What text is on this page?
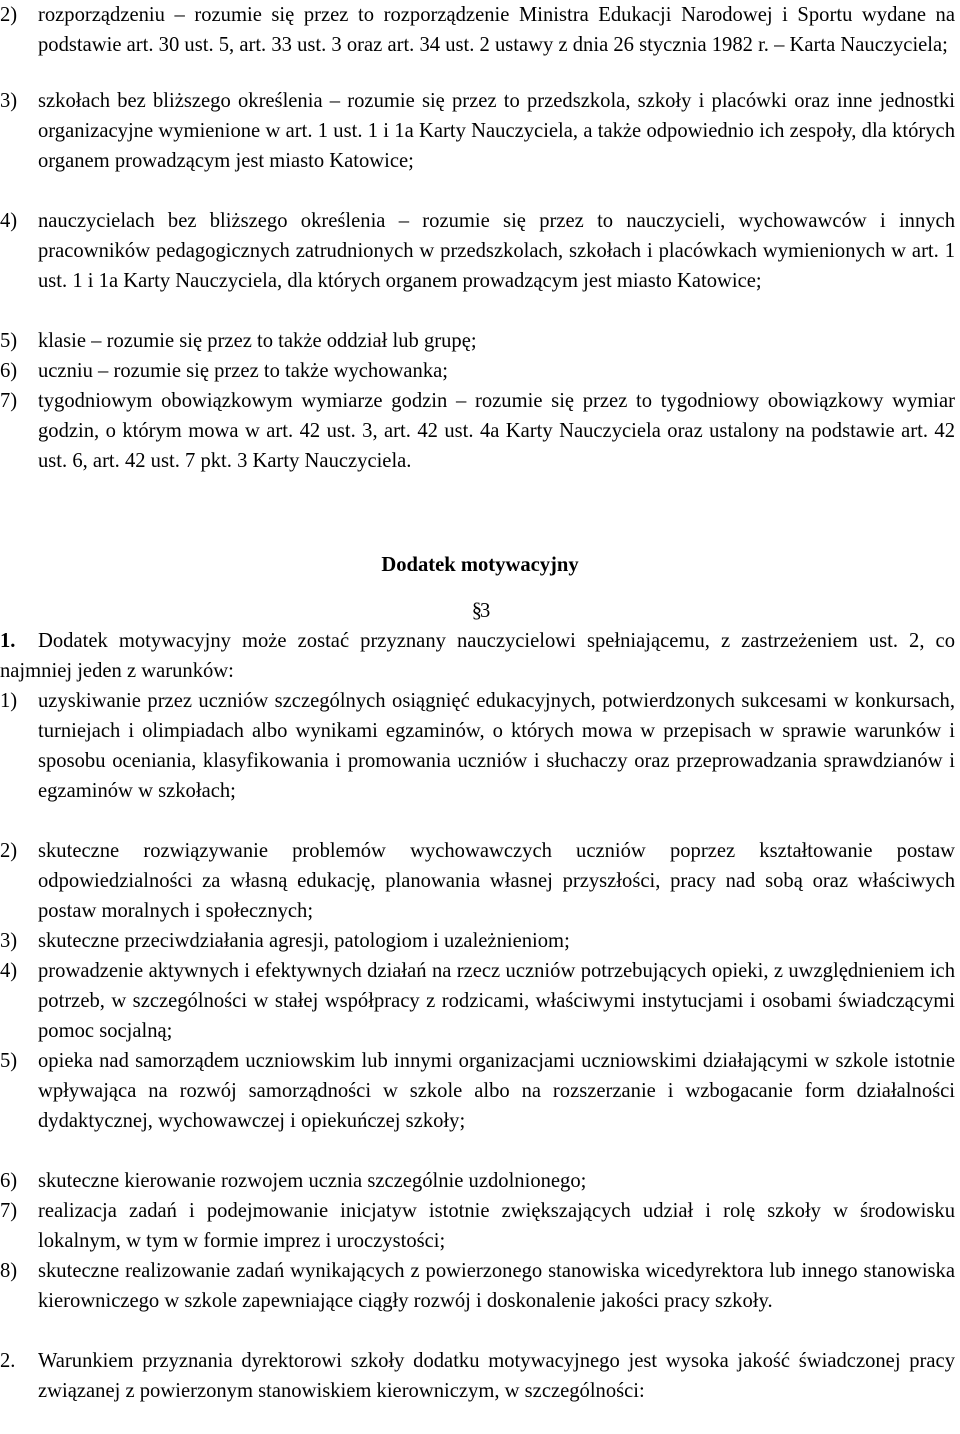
2)	rozporządzeniu – rozumie się przez to rozporządzenie Ministra Edukacji Narodowej i Sportu wydane na podstawie art. 30 ust. 5, art. 33 ust. 3 oraz art. 34 ust. 2 ustawy z dnia 26 stycznia 1982 r. – Karta Nauczyciela;

3)	szkołach bez bliższego określenia – rozumie się przez to przedszkola, szkoły i placówki oraz inne jednostki organizacyjne wymienione w art. 1 ust. 1 i 1a Karty Nauczyciela, a także odpowiednio ich zespoły, dla których organem prowadzącym jest miasto Katowice;

4)	nauczycielach bez bliższego określenia – rozumie się przez to nauczycieli, wychowawców i innych pracowników pedagogicznych zatrudnionych w przedszkolach, szkołach i placówkach wymienionych w art. 1 ust. 1 i 1a Karty Nauczyciela, dla których organem prowadzącym jest miasto Katowice;

5)	klasie – rozumie się przez to także oddział lub grupę;

6)	uczniu – rozumie się przez to także wychowanka;

7)	tygodniowym obowiązkowym wymiarze godzin – rozumie się przez to tygodniowy obowiązkowy wymiar godzin, o którym mowa w art. 42 ust. 3, art. 42 ust. 4a Karty Nauczyciela oraz ustalony na podstawie art. 42 ust. 6, art. 42 ust. 7 pkt. 3 Karty Nauczyciela.

Dodatek motywacyjny
§3
1.	Dodatek motywacyjny może zostać przyznany nauczycielowi spełniającemu, z zastrzeżeniem ust. 2, co najmniej jeden z warunków:

1)	uzyskiwanie przez uczniów szczególnych osiągnięć edukacyjnych, potwierdzonych sukcesami w konkursach, turniejach i olimpiadach albo wynikami egzaminów, o których mowa w przepisach w sprawie warunków i sposobu oceniania, klasyfikowania i promowania uczniów i słuchaczy oraz przeprowadzania sprawdzianów i egzaminów w szkołach;

2)	skuteczne rozwiązywanie problemów wychowawczych uczniów poprzez kształtowanie postaw odpowiedzialności za własną edukację, planowania własnej przyszłości, pracy nad sobą oraz właściwych postaw moralnych i społecznych;

3)	skuteczne przeciwdziałania agresji, patologiom i uzależnieniom;

4)	prowadzenie aktywnych i efektywnych działań na rzecz uczniów potrzebujących opieki, z uwzględnieniem ich potrzeb, w szczególności w stałej współpracy z rodzicami, właściwymi instytucjami i osobami świadczącymi pomoc socjalną;

5)	opieka nad samorządem uczniowskim lub innymi organizacjami uczniowskimi działającymi w szkole istotnie wpływająca na rozwój samorządności w szkole albo na rozszerzanie i wzbogacanie form działalności dydaktycznej, wychowawczej i opiekuńczej szkoły;

6)	skuteczne kierowanie rozwojem ucznia szczególnie uzdolnionego;

7)	realizacja zadań i podejmowanie inicjatyw istotnie zwiększających udział i rolę szkoły w środowisku lokalnym, w tym w formie imprez i uroczystości;

8)	skuteczne realizowanie zadań wynikających z powierzonego stanowiska wicedyrektora lub innego stanowiska kierowniczego w szkole zapewniające ciągły rozwój i doskonalenie jakości pracy szkoły.

2.	Warunkiem przyznania dyrektorowi szkoły dodatku motywacyjnego jest wysoka jakość świadczonej pracy związanej z powierzonym stanowiskiem kierowniczym, w szczególności:
